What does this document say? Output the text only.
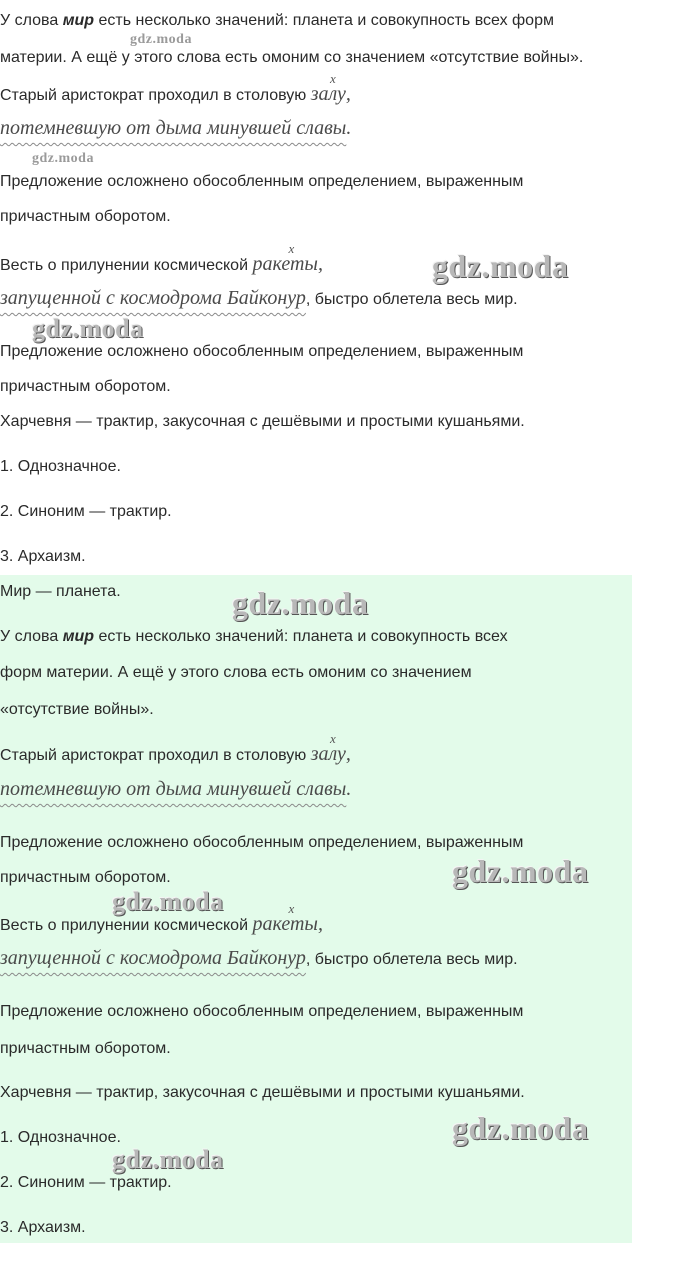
У слова мир есть несколько значений: планета и совокупность всех форм
материи. А ещё у этого слова есть омоним со значением «отсутствие войны».
Старый аристократ проходил в столовую
x
залу,
потемневшую от дыма минувшей славы.
Предложение осложнено обособленным определением, выраженным
причастным оборотом.
Весть о прилунении космической
x
ракеты,
запущенной с космодрома Байконур, быстро облетела весь мир.
Предложение осложнено обособленным определением, выраженным
причастным оборотом.
Харчевня — трактир, закусочная с дешёвыми и простыми кушаньями.
1. Однозначное.
2. Синоним — трактир.
3. Архаизм.
Мир — планета.
У слова мир есть несколько значений: планета и совокупность всех
форм материи. А ещё у этого слова есть омоним со значением
«отсутствие войны».
Старый аристократ проходил в столовую
x
залу,
потемневшую от дыма минувшей славы.
Предложение осложнено обособленным определением, выраженным
причастным оборотом.
Весть о прилунении космической
x
ракеты,
запущенной с космодрома Байконур, быстро облетела весь мир.
Предложение осложнено обособленным определением, выраженным
причастным оборотом.
Харчевня — трактир, закусочная с дешёвыми и простыми кушаньями.
1. Однозначное.
2. Синоним — трактир.
3. Архаизм.
gdz.moda
gdz.moda
gdz.moda
gdz.moda
gdz.moda
gdz.moda
gdz.moda
gdz.moda
gdz.moda
